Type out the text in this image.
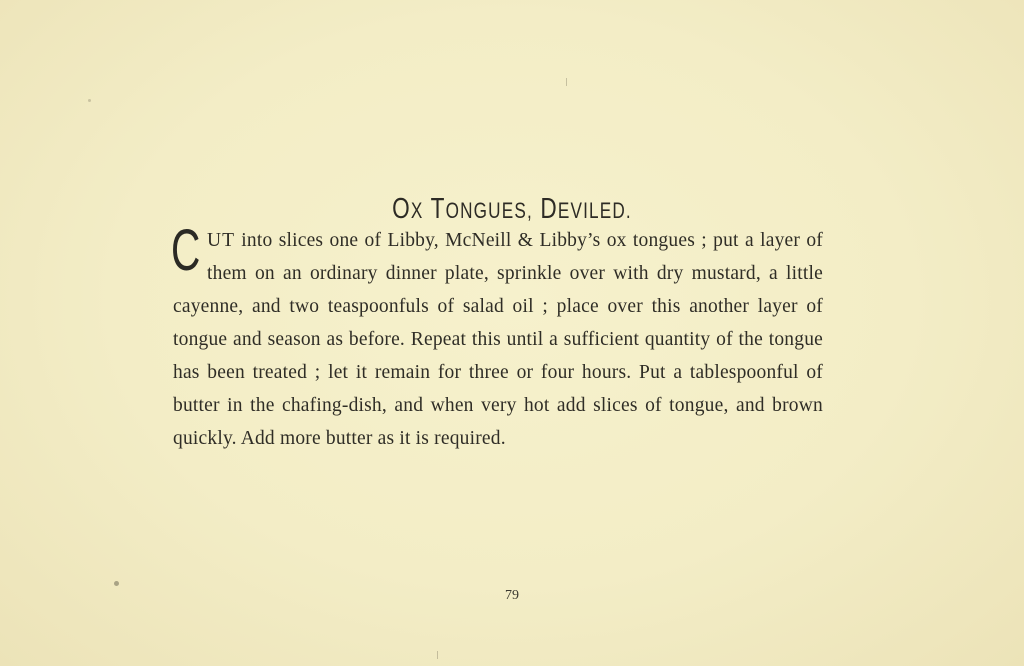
OX TONGUES, DEVILED.

C UT into slices one of Libby, McNeill & Libby’s ox tongues ; put a layer of them on an ordinary dinner plate, sprinkle over with dry mustard, a little cayenne, and two teaspoonfuls of salad oil ; place over this another layer of tongue and season as before. Repeat this until a sufficient quantity of the tongue has been treated ; let it remain for three or four hours. Put a tablespoonful of butter in the chafing-dish, and when very hot add slices of tongue, and brown quickly. Add more butter as it is required.

79
